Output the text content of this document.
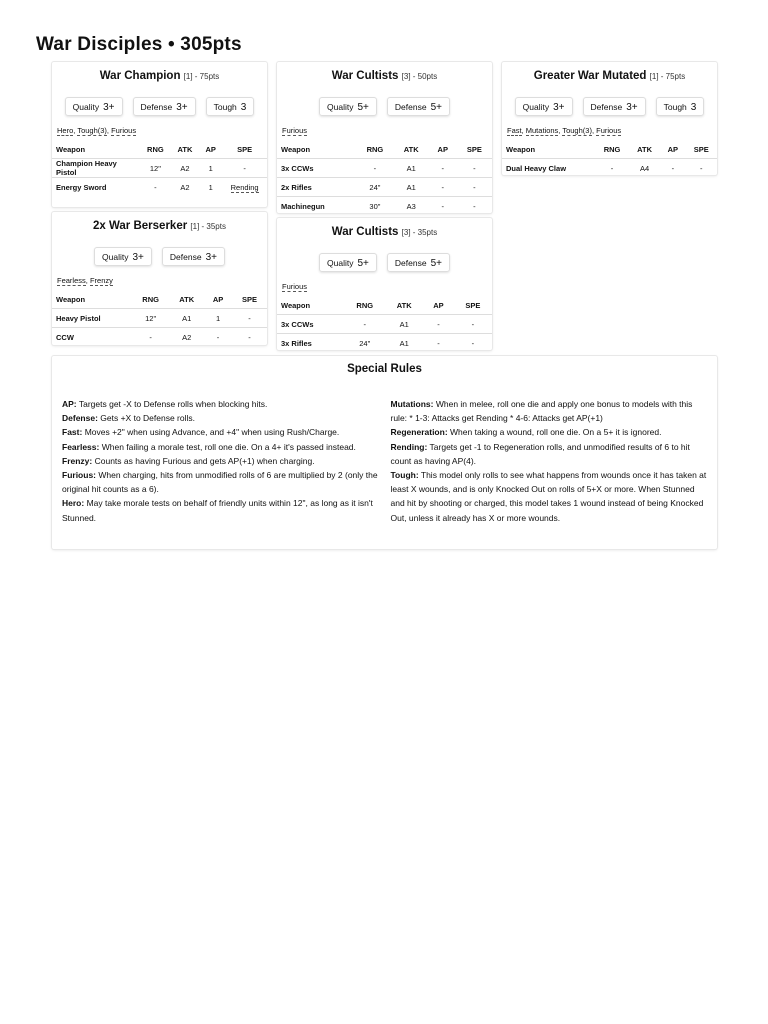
War Disciples • 305pts
War Champion [1] - 75pts
Quality 3+	Defense 3+	Tough 3
Hero, Tough(3), Furious
Weapon	RNG	ATK	AP	SPE
Champion Heavy Pistol	12"	A2	1	-
Energy Sword	-	A2	1	Rending
War Cultists [3] - 50pts
Quality 5+	Defense 5+
Furious
Weapon	RNG	ATK	AP	SPE
3x CCWs	-	A1	-	-
2x Rifles	24"	A1	-	-
Machinegun	30"	A3	-	-
Greater War Mutated [1] - 75pts
Quality 3+	Defense 3+	Tough 3
Fast, Mutations, Tough(3), Furious
Weapon	RNG	ATK	AP	SPE
Dual Heavy Claw	-	A4	-	-
2x War Berserker [1] - 35pts
Quality 3+	Defense 3+
Fearless, Frenzy
Weapon	RNG	ATK	AP	SPE
Heavy Pistol	12"	A1	1	-
CCW	-	A2	-	-
War Cultists [3] - 35pts
Quality 5+	Defense 5+
Furious
Weapon	RNG	ATK	AP	SPE
3x CCWs	-	A1	-	-
3x Rifles	24"	A1	-	-
Special Rules
AP: Targets get -X to Defense rolls when blocking hits.
Defense: Gets +X to Defense rolls.
Fast: Moves +2" when using Advance, and +4" when using Rush/Charge.
Fearless: When failing a morale test, roll one die. On a 4+ it's passed instead.
Frenzy: Counts as having Furious and gets AP(+1) when charging.
Furious: When charging, hits from unmodified rolls of 6 are multiplied by 2 (only the original hit counts as a 6).
Hero: May take morale tests on behalf of friendly units within 12", as long as it isn't Stunned.
Mutations: When in melee, roll one die and apply one bonus to models with this rule: * 1-3: Attacks get Rending * 4-6: Attacks get AP(+1)
Regeneration: When taking a wound, roll one die. On a 5+ it is ignored.
Rending: Targets get -1 to Regeneration rolls, and unmodified results of 6 to hit count as having AP(4).
Tough: This model only rolls to see what happens from wounds once it has taken at least X wounds, and is only Knocked Out on rolls of 5+X or more. When Stunned and hit by shooting or charged, this model takes 1 wound instead of being Knocked Out, unless it already has X or more wounds.
